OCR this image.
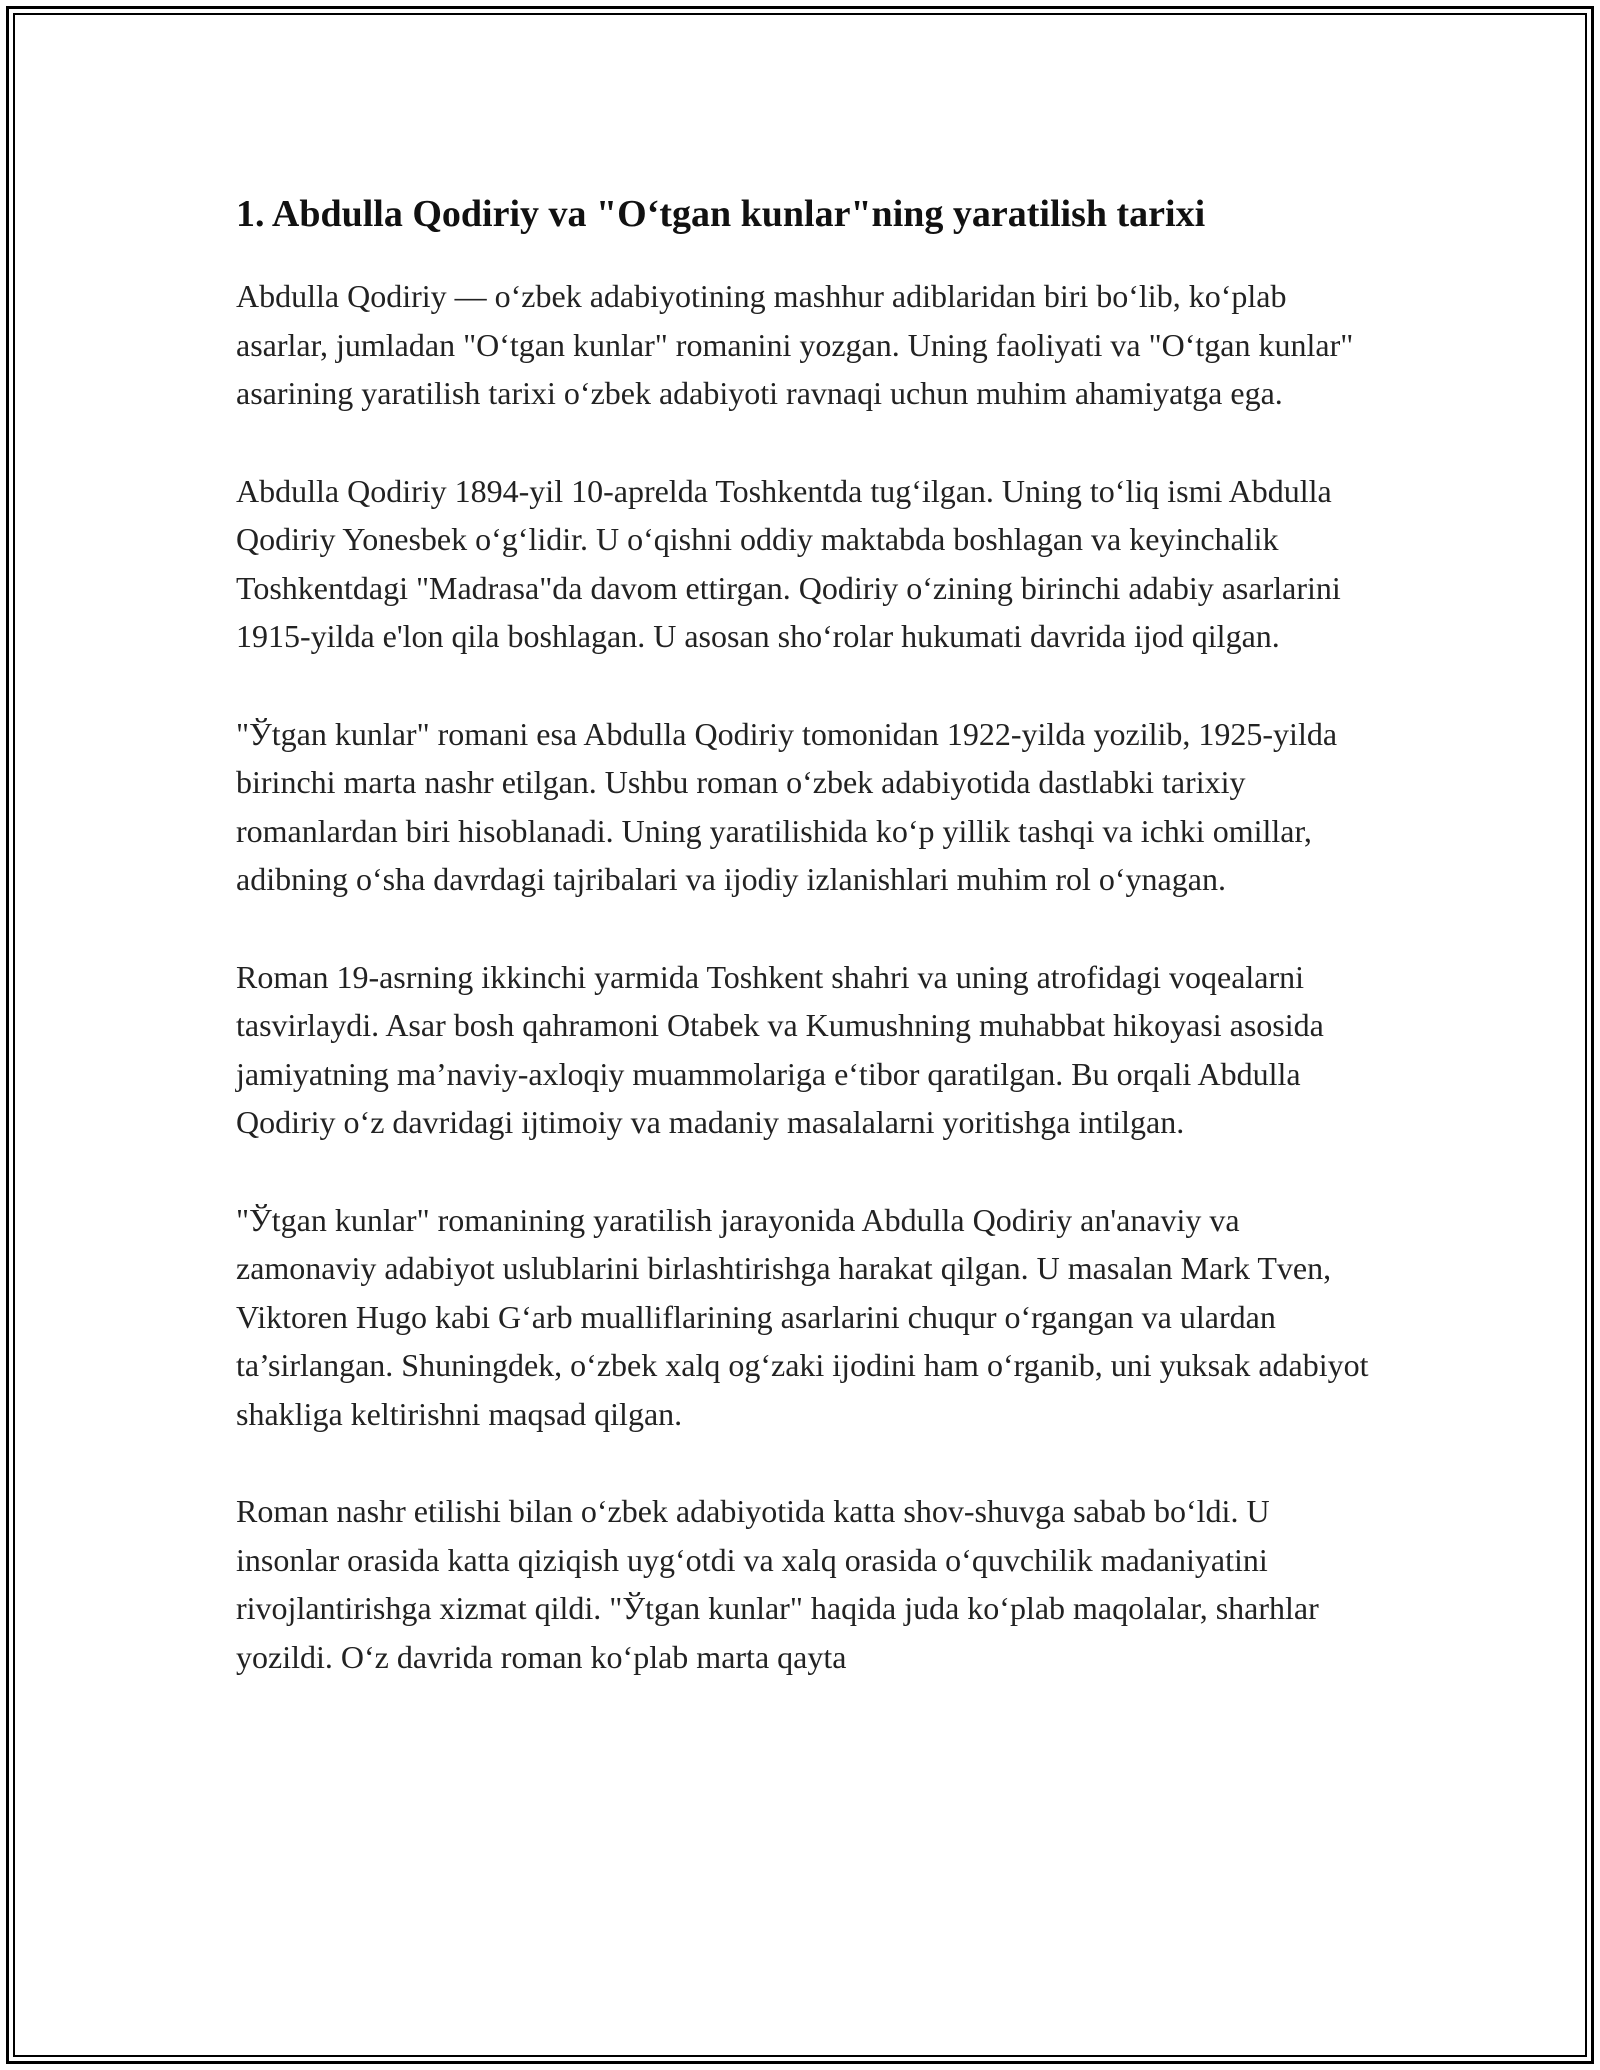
1. Abdulla Qodiriy va "O‘tgan kunlar"ning yaratilish tarixi

Abdulla Qodiriy — o‘zbek adabiyotining mashhur adiblaridan biri bo‘lib, ko‘plab asarlar, jumladan "O‘tgan kunlar" romanini yozgan. Uning faoliyati va "O‘tgan kunlar" asarining yaratilish tarixi o‘zbek adabiyoti ravnaqi uchun muhim ahamiyatga ega.

Abdulla Qodiriy 1894-yil 10-aprelda Toshkentda tug‘ilgan. Uning to‘liq ismi Abdulla Qodiriy Yonesbek o‘g‘lidir. U o‘qishni oddiy maktabda boshlagan va keyinchalik Toshkentdagi "Madrasa"da davom ettirgan. Qodiriy o‘zining birinchi adabiy asarlarini 1915-yilda e'lon qila boshlagan. U asosan sho‘rolar hukumati davrida ijod qilgan.

"Ўtgan kunlar" romani esa Abdulla Qodiriy tomonidan 1922-yilda yozilib, 1925-yilda birinchi marta nashr etilgan. Ushbu roman o‘zbek adabiyotida dastlabki tarixiy romanlardan biri hisoblanadi. Uning yaratilishida ko‘p yillik tashqi va ichki omillar, adibning o‘sha davrdagi tajribalari va ijodiy izlanishlari muhim rol o‘ynagan.

Roman 19-asrning ikkinchi yarmida Toshkent shahri va uning atrofidagi voqealarni tasvirlaydi. Asar bosh qahramoni Otabek va Kumushning muhabbat hikoyasi asosida jamiyatning ma’naviy-axloqiy muammolariga e‘tibor qaratilgan. Bu orqali Abdulla Qodiriy o‘z davridagi ijtimoiy va madaniy masalalarni yoritishga intilgan.

"Ўtgan kunlar" romanining yaratilish jarayonida Abdulla Qodiriy an'anaviy va zamonaviy adabiyot uslublarini birlashtirishga harakat qilgan. U masalan Mark Tven, Viktoren Hugo kabi G‘arb mualliflarining asarlarini chuqur o‘rgangan va ulardan ta’sirlangan. Shuningdek, o‘zbek xalq og‘zaki ijodini ham o‘rganib, uni yuksak adabiyot shakliga keltirishni maqsad qilgan.

Roman nashr etilishi bilan o‘zbek adabiyotida katta shov-shuvga sabab bo‘ldi. U insonlar orasida katta qiziqish uyg‘otdi va xalq orasida o‘quvchilik madaniyatini rivojlantirishga xizmat qildi. "Ўtgan kunlar" haqida juda ko‘plab maqolalar, sharhlar yozildi. O‘z davrida roman ko‘plab marta qayta
